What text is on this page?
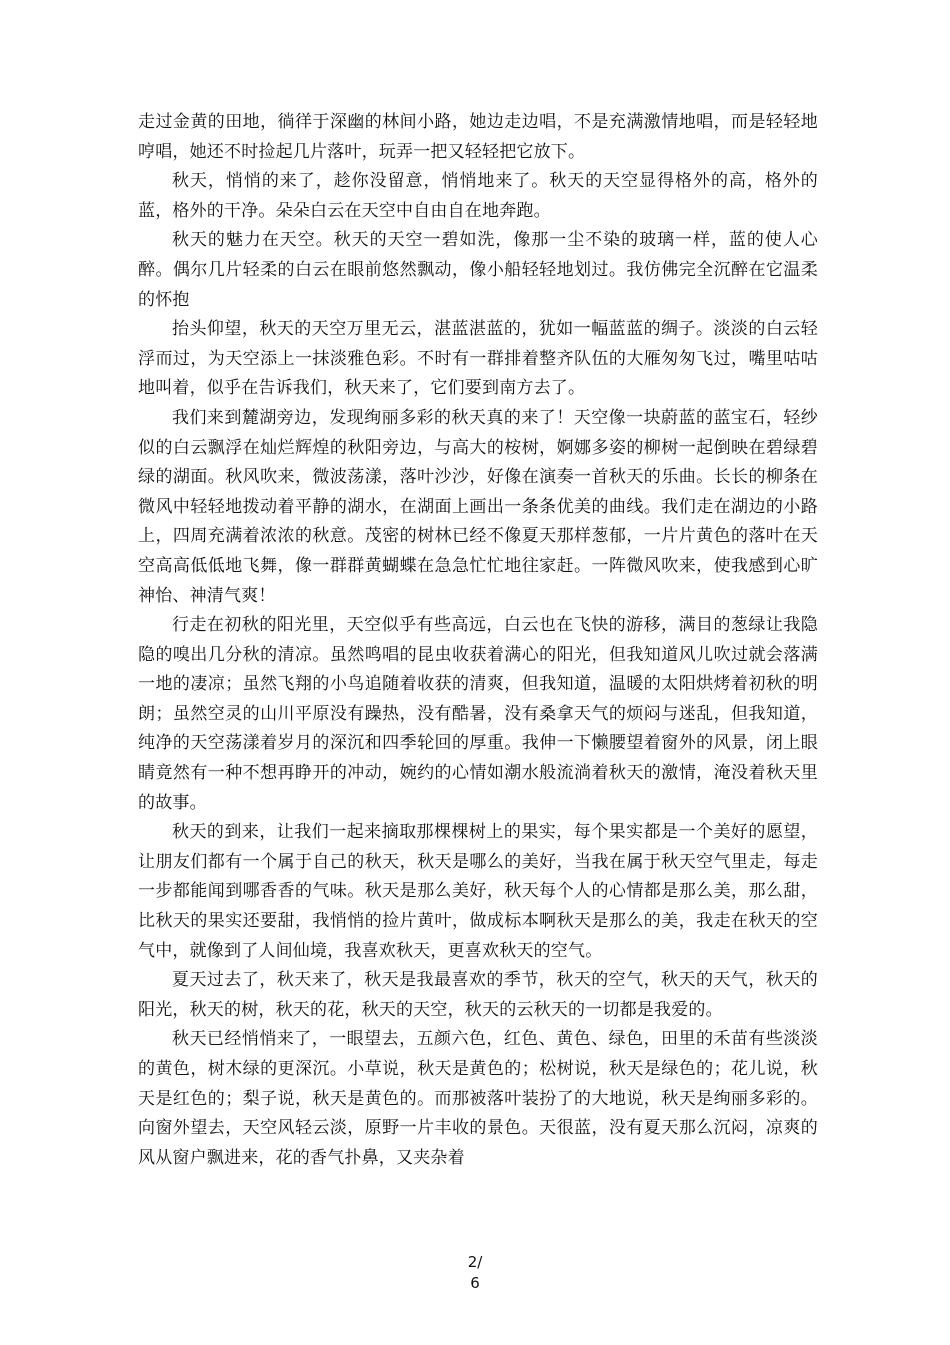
走过金黄的田地，徜徉于深幽的林间小路，她边走边唱，不是充满激情地唱，而是轻轻地哼唱，她还不时捡起几片落叶，玩弄一把又轻轻把它放下。

秋天，悄悄的来了，趁你没留意，悄悄地来了。秋天的天空显得格外的高，格外的蓝，格外的干净。朵朵白云在天空中自由自在地奔跑。

秋天的魅力在天空。秋天的天空一碧如洗，像那一尘不染的玻璃一样，蓝的使人心醉。偶尔几片轻柔的白云在眼前悠然飘动，像小船轻轻地划过。我仿佛完全沉醉在它温柔的怀抱

抬头仰望，秋天的天空万里无云，湛蓝湛蓝的，犹如一幅蓝蓝的绸子。淡淡的白云轻浮而过，为天空添上一抹淡雅色彩。不时有一群排着整齐队伍的大雁匆匆飞过，嘴里咕咕地叫着，似乎在告诉我们，秋天来了，它们要到南方去了。

我们来到麓湖旁边，发现绚丽多彩的秋天真的来了！天空像一块蔚蓝的蓝宝石，轻纱似的白云飘浮在灿烂辉煌的秋阳旁边，与高大的桉树，婀娜多姿的柳树一起倒映在碧绿碧绿的湖面。秋风吹来，微波荡漾，落叶沙沙，好像在演奏一首秋天的乐曲。长长的柳条在微风中轻轻地拨动着平静的湖水，在湖面上画出一条条优美的曲线。我们走在湖边的小路上，四周充满着浓浓的秋意。茂密的树林已经不像夏天那样葱郁，一片片黄色的落叶在天空高高低低地飞舞，像一群群黄蝴蝶在急急忙忙地往家赶。一阵微风吹来，使我感到心旷神怡、神清气爽！

行走在初秋的阳光里，天空似乎有些高远，白云也在飞快的游移，满目的葱绿让我隐隐的嗅出几分秋的清凉。虽然鸣唱的昆虫收获着满心的阳光，但我知道风儿吹过就会落满一地的凄凉；虽然飞翔的小鸟追随着收获的清爽，但我知道，温暖的太阳烘烤着初秋的明朗；虽然空灵的山川平原没有躁热，没有酷暑，没有桑拿天气的烦闷与迷乱，但我知道，纯净的天空荡漾着岁月的深沉和四季轮回的厚重。我伸一下懒腰望着窗外的风景，闭上眼睛竟然有一种不想再睁开的冲动，婉约的心情如潮水般流淌着秋天的激情，淹没着秋天里的故事。

秋天的到来，让我们一起来摘取那棵棵树上的果实，每个果实都是一个美好的愿望，让朋友们都有一个属于自己的秋天，秋天是哪么的美好，当我在属于秋天空气里走，每走一步都能闻到哪香香的气味。秋天是那么美好，秋天每个人的心情都是那么美，那么甜，比秋天的果实还要甜，我悄悄的捡片黄叶，做成标本啊秋天是那么的美，我走在秋天的空气中，就像到了人间仙境，我喜欢秋天，更喜欢秋天的空气。

夏天过去了，秋天来了，秋天是我最喜欢的季节，秋天的空气，秋天的天气，秋天的阳光，秋天的树，秋天的花，秋天的天空，秋天的云秋天的一切都是我爱的。

秋天已经悄悄来了，一眼望去，五颜六色，红色、黄色、绿色，田里的禾苗有些淡淡的黄色，树木绿的更深沉。小草说，秋天是黄色的；松树说，秋天是绿色的；花儿说，秋天是红色的；梨子说，秋天是黄色的。而那被落叶装扮了的大地说，秋天是绚丽多彩的。向窗外望去，天空风轻云淡，原野一片丰收的景色。天很蓝，没有夏天那么沉闷，凉爽的风从窗户飘进来，花的香气扑鼻，又夹杂着

2/
6
